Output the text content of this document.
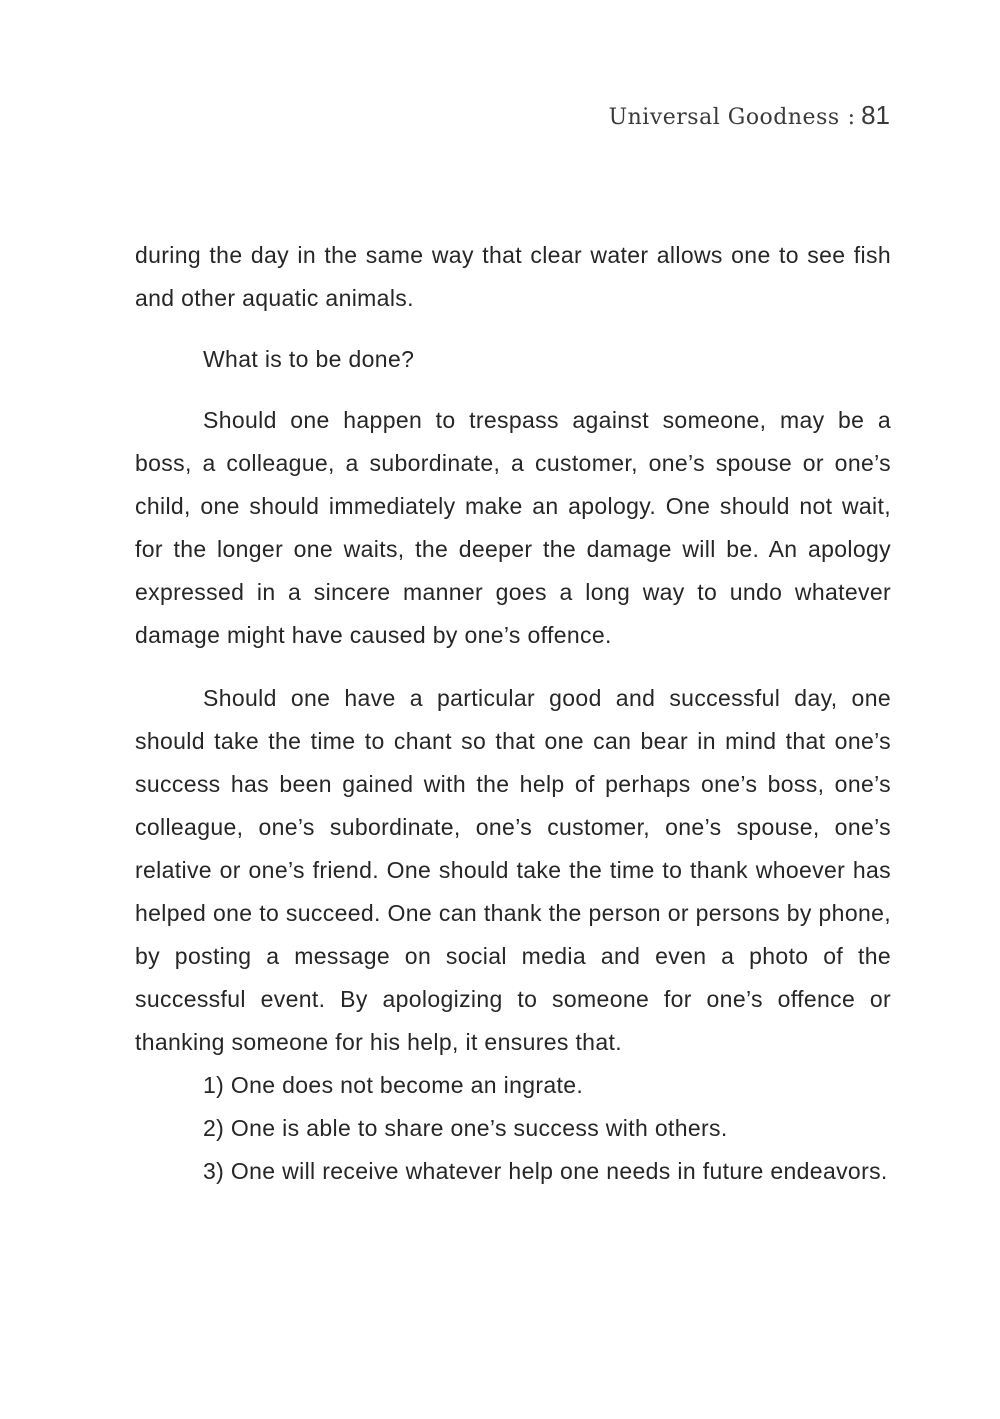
Universal Goodness : 81

during the day in the same way that clear water allows one to see fish and other aquatic animals.

What is to be done?

Should one happen to trespass against someone, may be a boss, a colleague, a subordinate, a customer, one’s spouse or one’s child, one should immediately make an apology. One should not wait, for the longer one waits, the deeper the damage will be. An apology expressed in a sincere manner goes a long way to undo whatever damage might have caused by one’s offence.

Should one have a particular good and successful day, one should take the time to chant so that one can bear in mind that one’s success has been gained with the help of perhaps one’s boss, one’s colleague, one’s subordinate, one’s customer, one’s spouse, one’s relative or one’s friend. One should take the time to thank whoever has helped one to succeed. One can thank the person or persons by phone, by posting a message on social media and even a photo of the successful event. By apologizing to someone for one’s offence or thanking someone for his help, it ensures that.

1) One does not become an ingrate.

2) One is able to share one’s success with others.

3) One will receive whatever help one needs in future endeavors.
